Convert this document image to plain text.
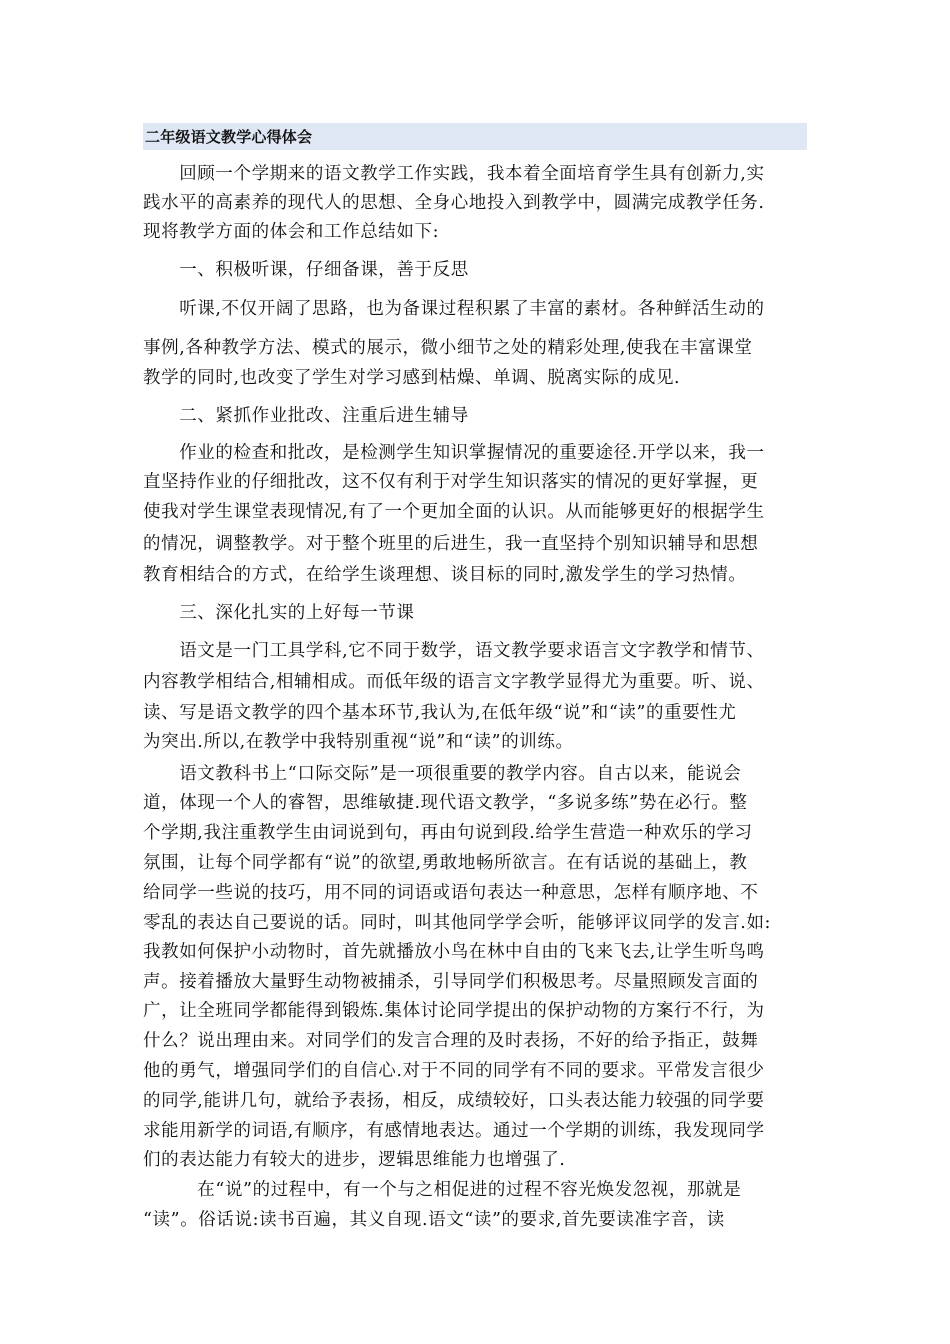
二年级语文教学心得体会
　　回顾一个学期来的语文教学工作实践，我本着全面培育学生具有创新力,实
践水平的高素养的现代人的思想、全身心地投入到教学中，圆满完成教学任务.
现将教学方面的体会和工作总结如下:
　　一、积极听课，仔细备课，善于反思
　　听课,不仅开阔了思路，也为备课过程积累了丰富的素材。各种鲜活生动的
事例,各种教学方法、模式的展示，微小细节之处的精彩处理,使我在丰富课堂
教学的同时,也改变了学生对学习感到枯燥、单调、脱离实际的成见.
　　二、紧抓作业批改、注重后进生辅导
　　作业的检查和批改，是检测学生知识掌握情况的重要途径.开学以来，我一
直坚持作业的仔细批改，这不仅有利于对学生知识落实的情况的更好掌握，更
使我对学生课堂表现情况,有了一个更加全面的认识。从而能够更好的根据学生
的情况，调整教学。对于整个班里的后进生，我一直坚持个别知识辅导和思想
教育相结合的方式，在给学生谈理想、谈目标的同时,激发学生的学习热情。
　　三、深化扎实的上好每一节课
　　语文是一门工具学科,它不同于数学，语文教学要求语言文字教学和情节、
内容教学相结合,相辅相成。而低年级的语言文字教学显得尤为重要。听、说、
读、写是语文教学的四个基本环节,我认为,在低年级“说”和“读”的重要性尤
为突出.所以,在教学中我特别重视“说”和“读”的训练。
　　语文教科书上“口际交际”是一项很重要的教学内容。自古以来，能说会
道，体现一个人的睿智，思维敏捷.现代语文教学，“多说多练”势在必行。整
个学期,我注重教学生由词说到句，再由句说到段.给学生营造一种欢乐的学习
氛围，让每个同学都有“说”的欲望,勇敢地畅所欲言。在有话说的基础上，教
给同学一些说的技巧，用不同的词语或语句表达一种意思，怎样有顺序地、不
零乱的表达自己要说的话。同时，叫其他同学学会听，能够评议同学的发言.如:
我教如何保护小动物时，首先就播放小鸟在林中自由的飞来飞去,让学生听鸟鸣
声。接着播放大量野生动物被捕杀，引导同学们积极思考。尽量照顾发言面的
广，让全班同学都能得到锻炼.集体讨论同学提出的保护动物的方案行不行，为
什么？说出理由来。对同学们的发言合理的及时表扬，不好的给予指正，鼓舞
他的勇气，增强同学们的自信心.对于不同的同学有不同的要求。平常发言很少
的同学,能讲几句，就给予表扬，相反，成绩较好，口头表达能力较强的同学要
求能用新学的词语,有顺序，有感情地表达。通过一个学期的训练，我发现同学
们的表达能力有较大的进步，逻辑思维能力也增强了.
　　　在“说”的过程中，有一个与之相促进的过程不容光焕发忽视，那就是
“读”。俗话说:读书百遍，其义自现.语文“读”的要求,首先要读准字音，读
